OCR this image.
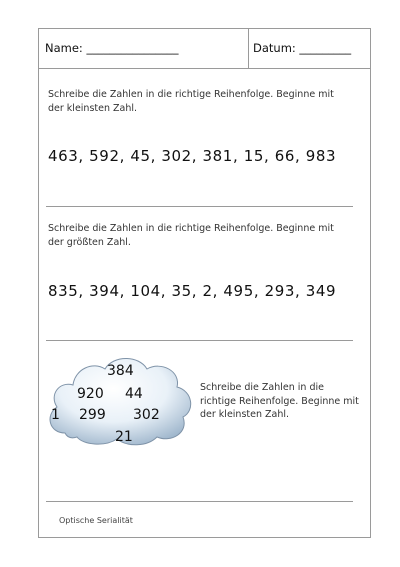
Name: ________________	Datum: _________
Schreibe die Zahlen in die richtige Reihenfolge. Beginne mit der kleinsten Zahl.
463, 592, 45, 302, 381, 15, 66, 983
Schreibe die Zahlen in die richtige Reihenfolge. Beginne mit der größten Zahl.
835, 394, 104, 35, 2, 495, 293, 349
384
920 44
1 299 302
21
Schreibe die Zahlen in die richtige Reihenfolge. Beginne mit der kleinsten Zahl.
Optische Serialität
